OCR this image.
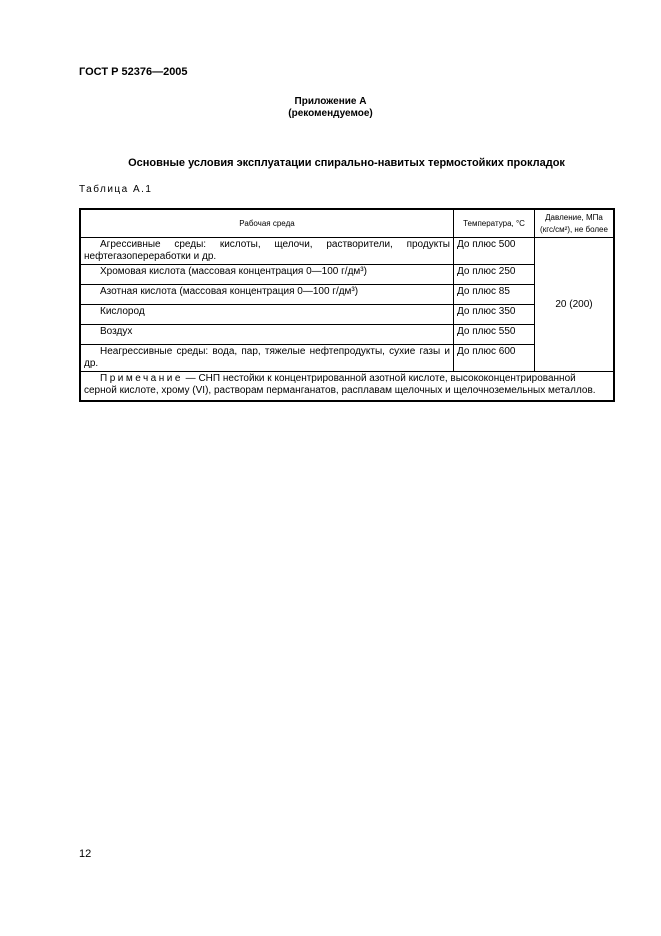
ГОСТ Р 52376—2005
Приложение А
(рекомендуемое)
Основные условия эксплуатации спирально-навитых термостойких прокладок
Таблица А.1
Рабочая среда	Температура, °С	Давление, МПа (кгс/см²), не более
Агрессивные среды: кислоты, щелочи, растворители, продукты нефтегазопереработки и др.	До плюс 500	20 (200)
Хромовая кислота (массовая концентрация 0—100 г/дм³)	До плюс 250	
Азотная кислота (массовая концентрация 0—100 г/дм³)	До плюс 85	
Кислород	До плюс 350	
Воздух	До плюс 550	
Неагрессивные среды: вода, пар, тяжелые нефтепродукты, сухие газы и др.	До плюс 600	
Примечание — СНП нестойки к концентрированной азотной кислоте, высококонцентрированной серной кислоте, хрому (VI), растворам перманганатов, расплавам щелочных и щелочноземельных металлов.		
12
